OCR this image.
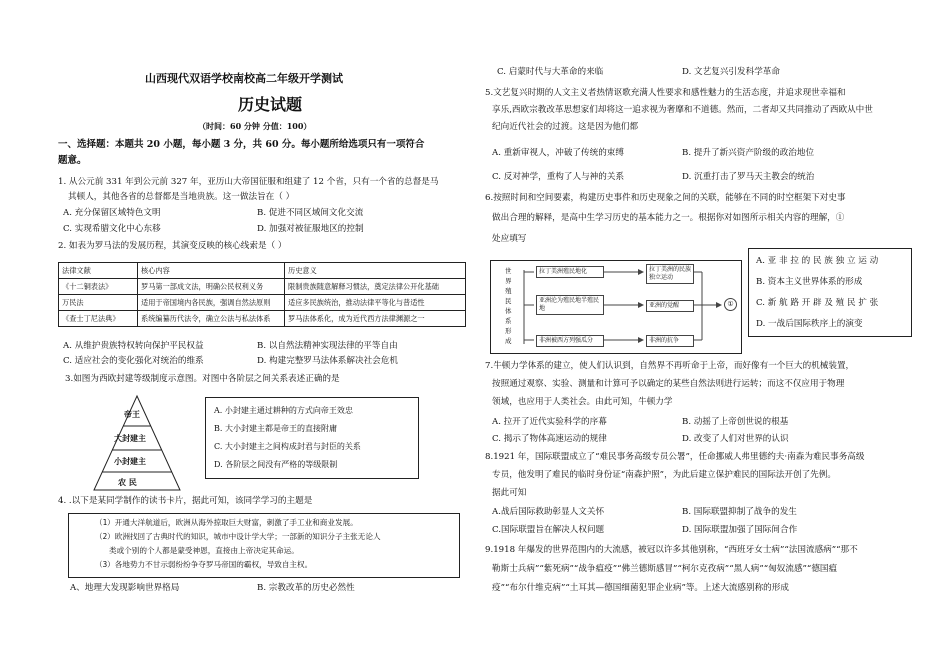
山西现代双语学校南校高二年级开学测试
历史试题
（时间：60 分钟 分值：100）
一、选择题：本题共 20 小题，每小题 3 分，共 60 分。每小题所给选项只有一项符合
题意。
1. 从公元前 331 年到公元前 327 年，亚历山大帝国征服和组建了 12 个省，只有一个省的总督是马
其顿人，其他各省的总督都是当地贵族。这一做法旨在（ ）
A. 充分保留区域特色文明	B. 促进不同区域间文化交流
C. 实现希腊文化中心东移	D. 加强对被征服地区的控制
2. 如表为罗马法的发展历程，其演变反映的核心线索是（ ）
法律文献	核心内容	历史意义
《十二铜表法》	罗马第一部成文法，明确公民权利义务	限制贵族随意解释习惯法，奠定法律公开化基础
万民法	适用于帝国境内各民族，强调自然法原则	适应多民族统治，推动法律平等化与普适性
《查士丁尼法典》	系统编纂历代法令，确立公法与私法体系	罗马法体系化，成为近代西方法律渊源之一
A. 从维护贵族特权转向保护平民权益	B. 以自然法精神实现法律的平等自由
C. 适应社会的变化强化对统治的维系	D. 构建完整罗马法体系解决社会危机
3.如图为西欧封建等级制度示意图。对图中各阶层之间关系表述正确的是
帝王
大封建主
小封建主
农 民
A. 小封建主通过耕种的方式向帝王效忠
B. 大小封建主都是帝王的直接附庸
C. 大小封建主之间构成封君与封臣的关系
D. 各阶层之间没有严格的等级限制
4. .以下是某同学制作的读书卡片，据此可知，该同学学习的主题是
（1）开通大洋航道后，欧洲从海外掠取巨大财富，刺激了手工业和商业发展。
（2）欧洲找回了古典时代的知识，城市中设计学大学；一部新的知识分子主张无论人
类或个别的个人都是蒙受神恩，直接由上帝决定其命运。
（3）各地势力不甘示弱纷纷争夺罗马帝国的霸权，导致自主权。
A、地理大发现影响世界格局	B. 宗教改革的历史必然性
C. 启蒙时代与大革命的来临	D. 文艺复兴引发科学革命
5.文艺复兴时期的人文主义者热情讴歌充满人性要求和感性魅力的生活态度，并追求现世幸福和
享乐,西欧宗教改革思想家们却将这一追求视为奢靡和不道德。然而，二者却又共同推动了西欧从中世
纪向近代社会的过渡。这是因为他们都
A. 重新审视人，冲破了传统的束缚	B. 提升了新兴资产阶级的政治地位
C. 反对神学，重构了人与神的关系	D. 沉重打击了罗马天主教会的统治
6.按照时间和空间要素，构建历史事件和历史现象之间的关联，能够在不同的时空框架下对史事
做出合理的解释，是高中生学习历史的基本能力之一。根据你对如图所示相关内容的理解，①
处应填写
世界殖民体系形成
拉丁美洲殖民地化
亚洲沦为殖民地半殖民地
非洲被西方列强瓜分
拉丁美洲的民族独立运动
亚洲的觉醒
非洲的抗争
①
A. 亚 非 拉 的 民 族 独 立 运 动
B. 资本主义世界体系的形成
C. 新 航 路 开 辟 及 殖 民 扩 张
D. 一战后国际秩序上的演变
7.牛顿力学体系的建立，使人们认识到，自然界不再听命于上帝，而好像有一个巨大的机械装置，
按照通过观察、实验、测量和计算可予以确定的某些自然法则进行运转；而这不仅应用于物理
领域，也应用于人类社会。由此可知，牛顿力学
A. 拉开了近代实验科学的序幕	B. 动摇了上帝创世说的根基
C. 揭示了物体高速运动的规律	D. 改变了人们对世界的认识
8.1921 年，国际联盟成立了“难民事务高级专员公署”，任命挪威人弗里德约夫·南森为难民事务高级
专员，他发明了难民的临时身份证“南森护照”，为此后建立保护难民的国际法开创了先例。
据此可知
A.战后国际救助彰显人文关怀	B. 国际联盟抑制了战争的发生
C.国际联盟旨在解决人权问题	D. 国际联盟加强了国际间合作
9.1918 年爆发的世界范围内的大流感，被冠以许多其他别称，“西班牙女士病”“法国流感病”“那不
勒斯士兵病”“紫死病”“战争瘟疫”“佛兰德斯感冒”“柯尔克孜病”“黑人病”“匈奴流感”“德国瘟
疫”“布尔什维克病”“土耳其—德国细菌犯罪企业病”等。上述大流感别称的形成
